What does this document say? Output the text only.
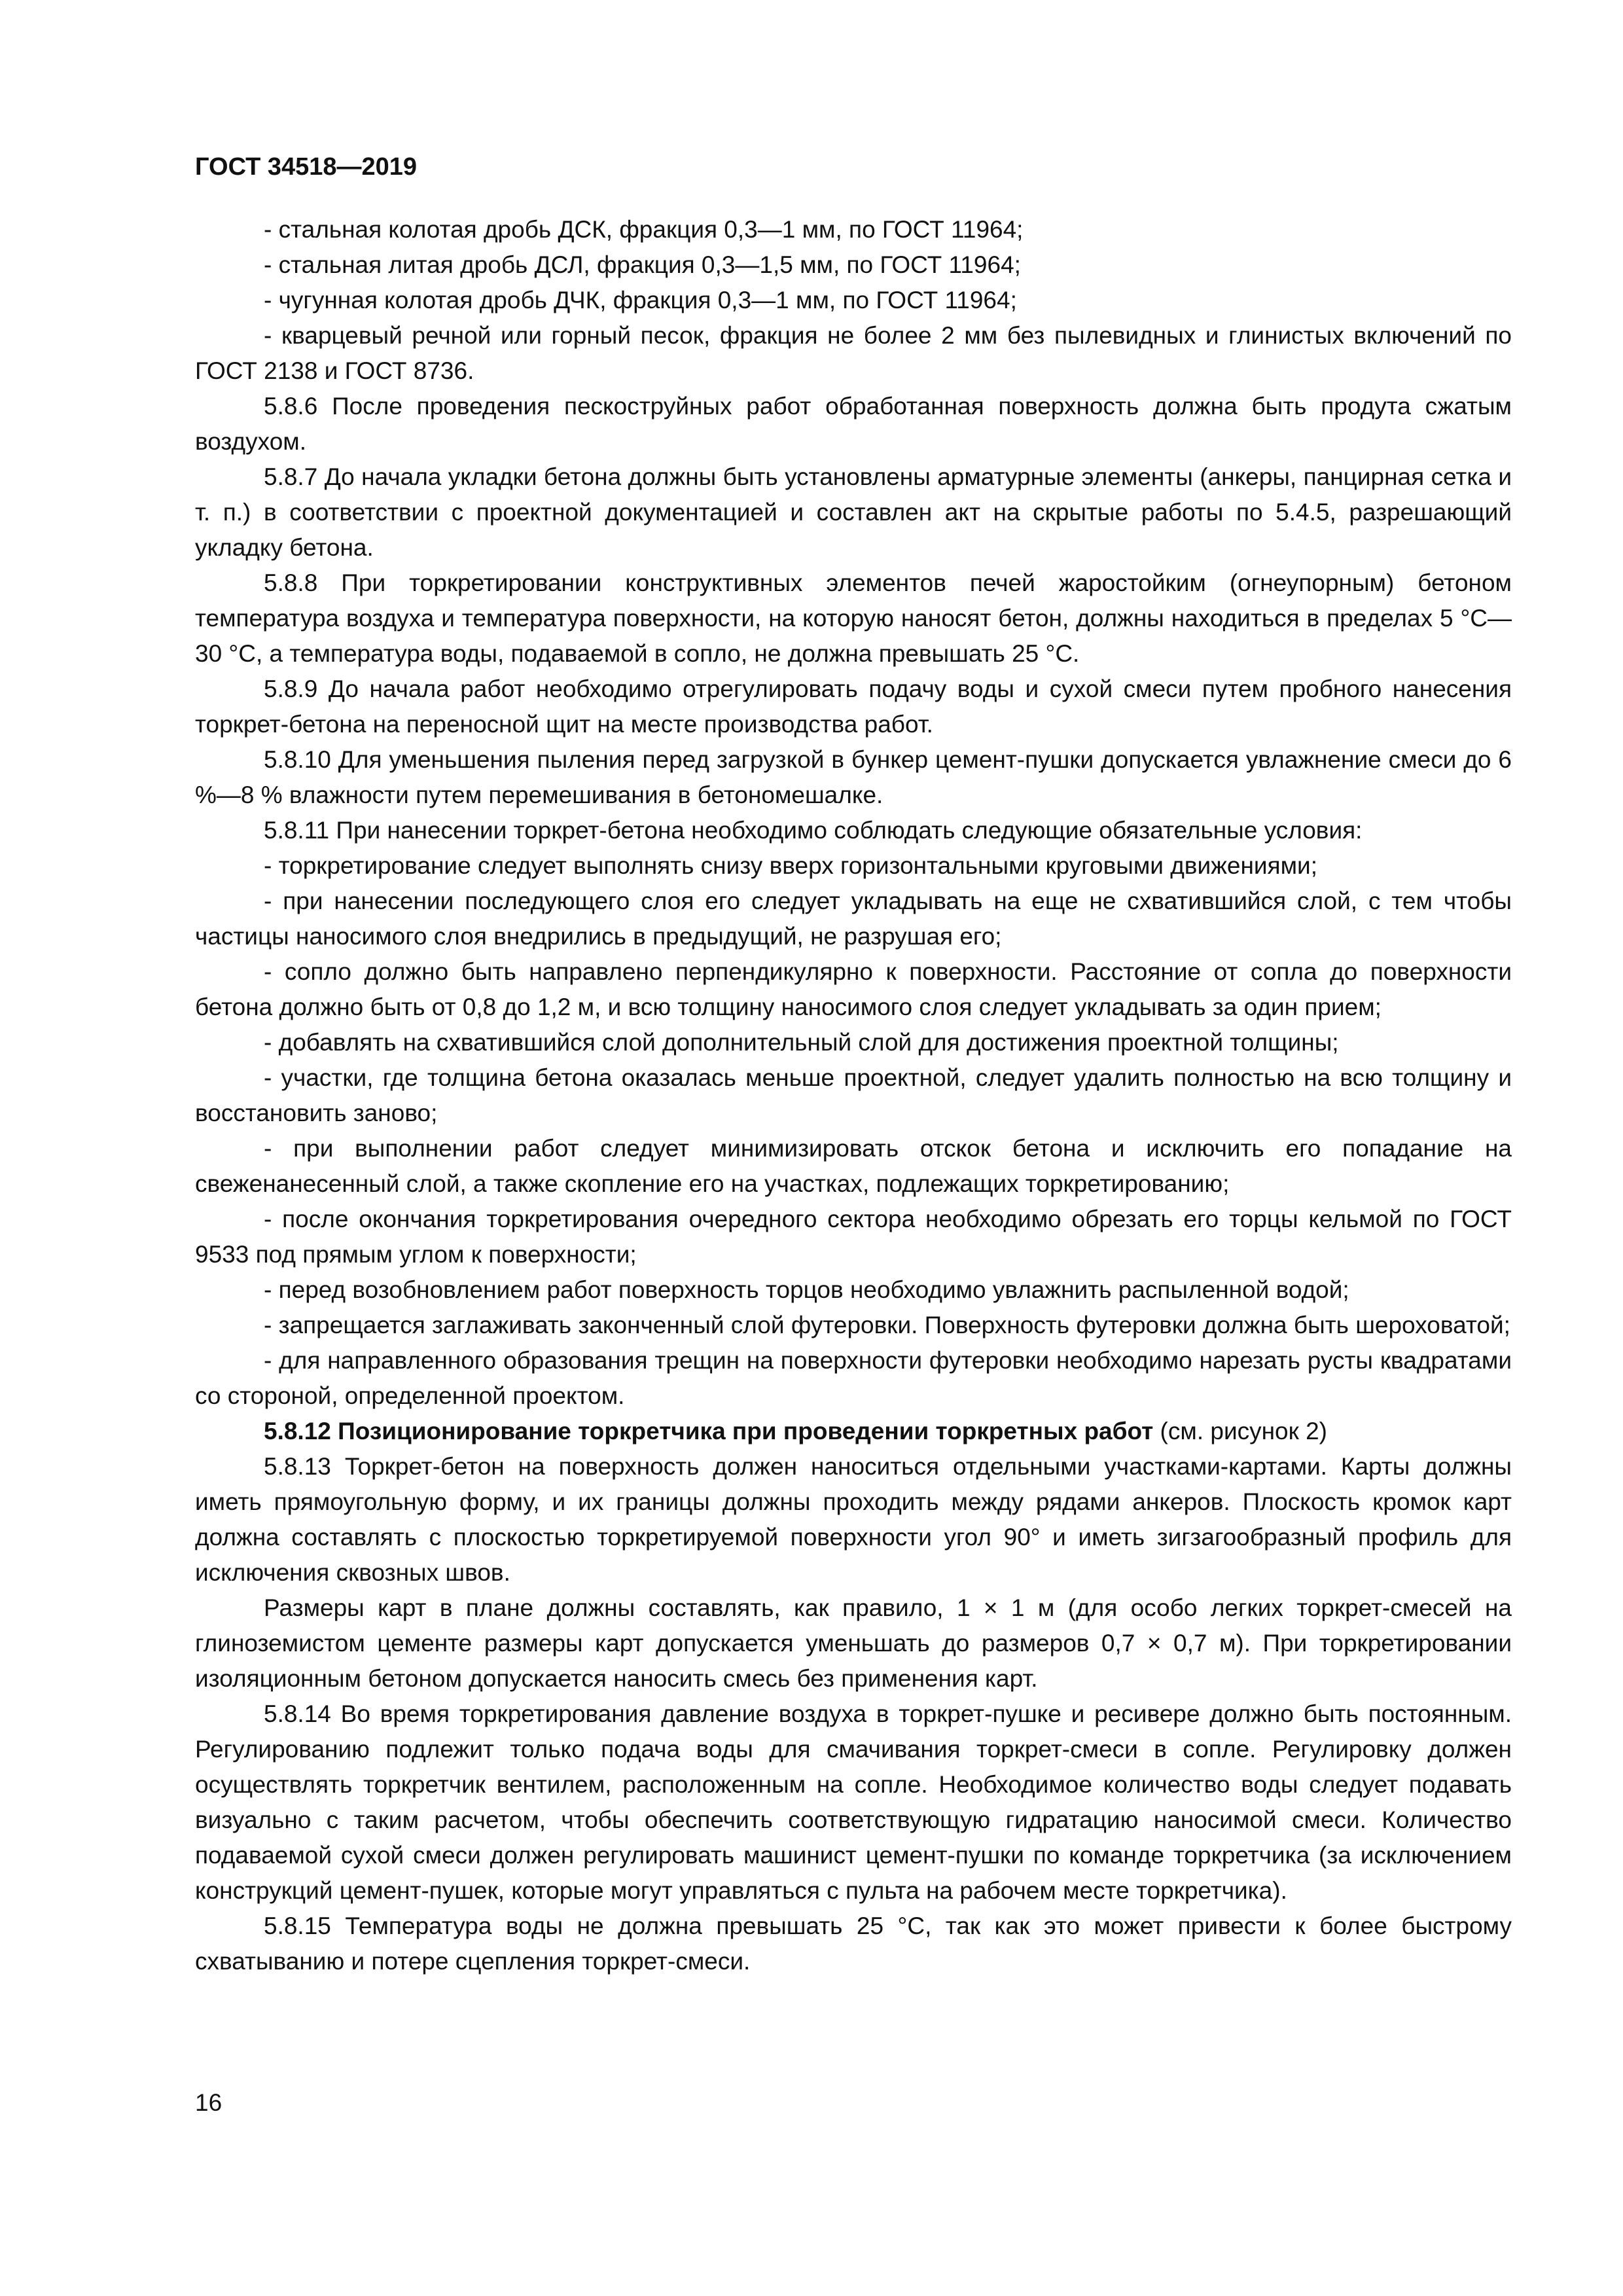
ГОСТ 34518—2019
- стальная колотая дробь ДСК, фракция 0,3—1 мм, по ГОСТ 11964;
- стальная литая дробь ДСЛ, фракция 0,3—1,5 мм, по ГОСТ 11964;
- чугунная колотая дробь ДЧК, фракция 0,3—1 мм, по ГОСТ 11964;
- кварцевый речной или горный песок, фракция не более 2 мм без пылевидных и глинистых включений по ГОСТ 2138 и ГОСТ 8736.
5.8.6 После проведения пескоструйных работ обработанная поверхность должна быть продута сжатым воздухом.
5.8.7 До начала укладки бетона должны быть установлены арматурные элементы (анкеры, панцирная сетка и т. п.) в соответствии с проектной документацией и составлен акт на скрытые работы по 5.4.5, разрешающий укладку бетона.
5.8.8 При торкретировании конструктивных элементов печей жаростойким (огнеупорным) бетоном температура воздуха и температура поверхности, на которую наносят бетон, должны находиться в пределах 5 °С—30 °С, а температура воды, подаваемой в сопло, не должна превышать 25 °С.
5.8.9 До начала работ необходимо отрегулировать подачу воды и сухой смеси путем пробного нанесения торкрет-бетона на переносной щит на месте производства работ.
5.8.10 Для уменьшения пыления перед загрузкой в бункер цемент-пушки допускается увлажнение смеси до 6 %—8 % влажности путем перемешивания в бетономешалке.
5.8.11 При нанесении торкрет-бетона необходимо соблюдать следующие обязательные условия:
- торкретирование следует выполнять снизу вверх горизонтальными круговыми движениями;
- при нанесении последующего слоя его следует укладывать на еще не схватившийся слой, с тем чтобы частицы наносимого слоя внедрились в предыдущий, не разрушая его;
- сопло должно быть направлено перпендикулярно к поверхности. Расстояние от сопла до поверхности бетона должно быть от 0,8 до 1,2 м, и всю толщину наносимого слоя следует укладывать за один прием;
- добавлять на схватившийся слой дополнительный слой для достижения проектной толщины;
- участки, где толщина бетона оказалась меньше проектной, следует удалить полностью на всю толщину и восстановить заново;
- при выполнении работ следует минимизировать отскок бетона и исключить его попадание на свеженанесенный слой, а также скопление его на участках, подлежащих торкретированию;
- после окончания торкретирования очередного сектора необходимо обрезать его торцы кельмой по ГОСТ 9533 под прямым углом к поверхности;
- перед возобновлением работ поверхность торцов необходимо увлажнить распыленной водой;
- запрещается заглаживать законченный слой футеровки. Поверхность футеровки должна быть шероховатой;
- для направленного образования трещин на поверхности футеровки необходимо нарезать русты квадратами со стороной, определенной проектом.
5.8.12 Позиционирование торкретчика при проведении торкретных работ (см. рисунок 2)
5.8.13 Торкрет-бетон на поверхность должен наноситься отдельными участками-картами. Карты должны иметь прямоугольную форму, и их границы должны проходить между рядами анкеров. Плоскость кромок карт должна составлять с плоскостью торкретируемой поверхности угол 90° и иметь зигзагообразный профиль для исключения сквозных швов.
Размеры карт в плане должны составлять, как правило, 1 × 1 м (для особо легких торкрет-смесей на глиноземистом цементе размеры карт допускается уменьшать до размеров 0,7 × 0,7 м). При торкретировании изоляционным бетоном допускается наносить смесь без применения карт.
5.8.14 Во время торкретирования давление воздуха в торкрет-пушке и ресивере должно быть постоянным. Регулированию подлежит только подача воды для смачивания торкрет-смеси в сопле. Регулировку должен осуществлять торкретчик вентилем, расположенным на сопле. Необходимое количество воды следует подавать визуально с таким расчетом, чтобы обеспечить соответствующую гидратацию наносимой смеси. Количество подаваемой сухой смеси должен регулировать машинист цемент-пушки по команде торкретчика (за исключением конструкций цемент-пушек, которые могут управляться с пульта на рабочем месте торкретчика).
5.8.15 Температура воды не должна превышать 25 °С, так как это может привести к более быстрому схватыванию и потере сцепления торкрет-смеси.
16
